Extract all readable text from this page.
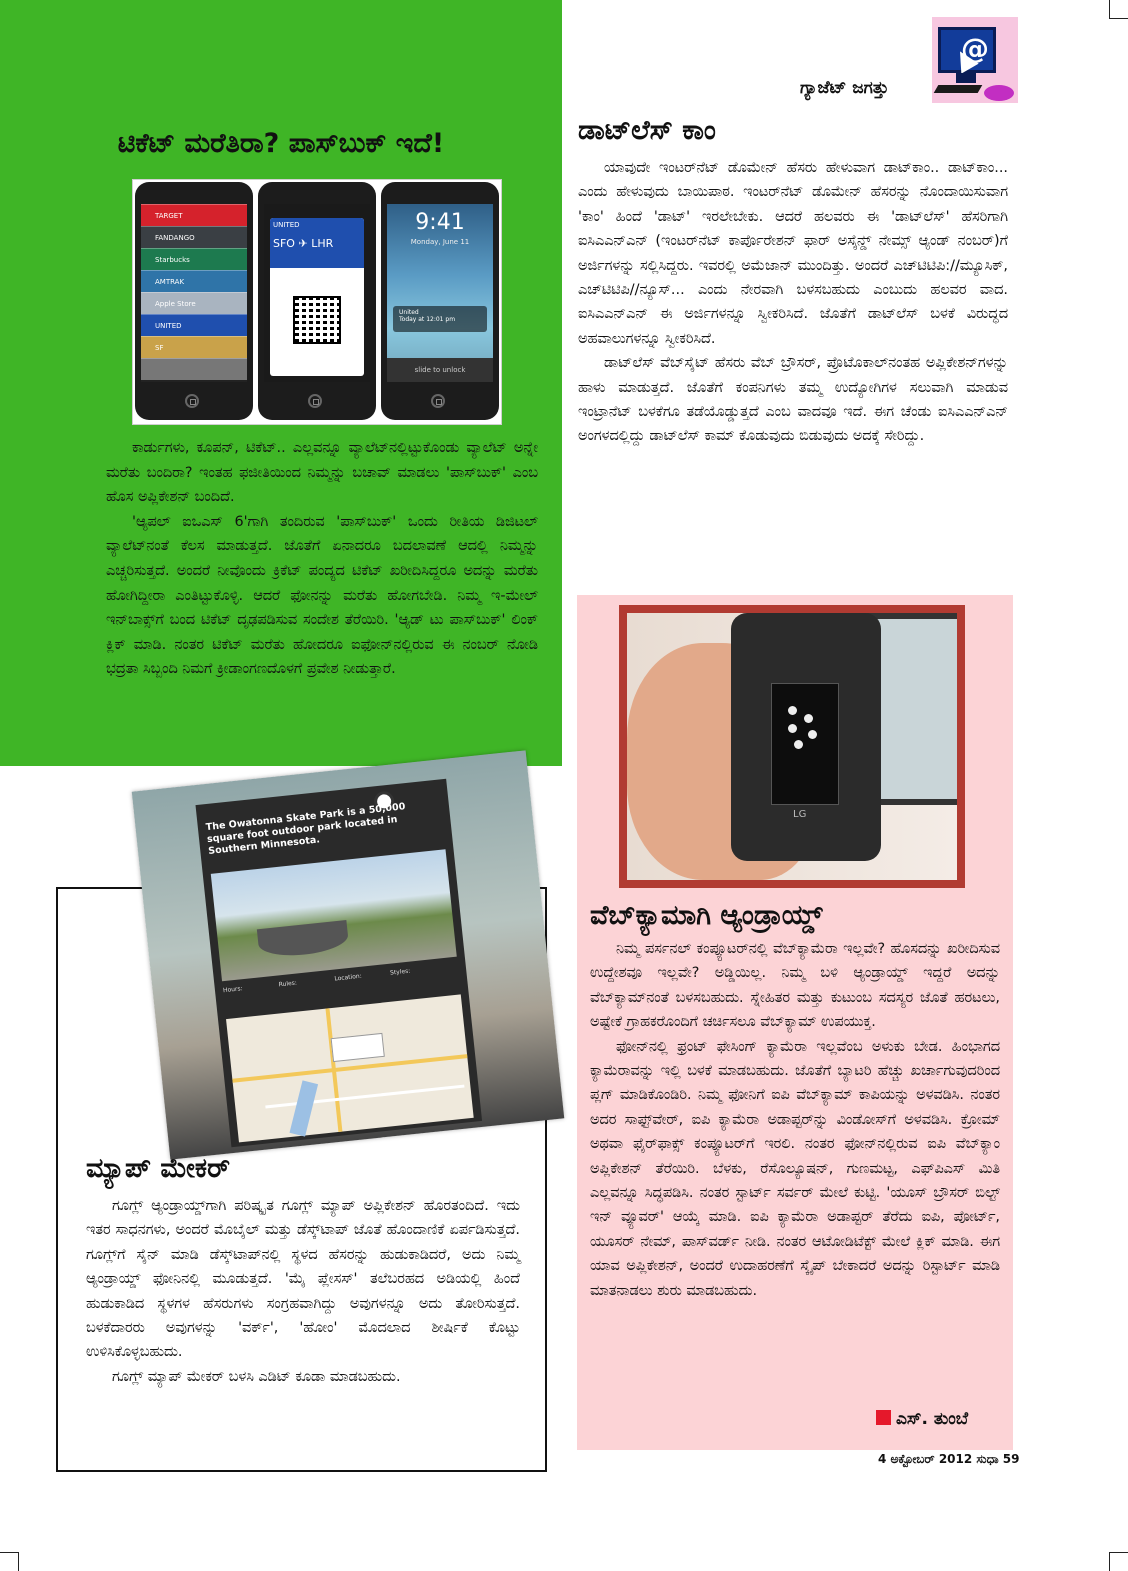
ಟಿಕೆಟ್ ಮರೆತಿರಾ? ಪಾಸ್‌ಬುಕ್ ಇದೆ!
TARGET
FANDANGO
Starbucks
AMTRAK
Apple Store
UNITED
SF
UNITED
SFO ✈ LHR
9:41
Monday, June 11
United
Today at 12:01 pm
slide to unlock

ಕಾರ್ಡುಗಳು, ಕೂಪನ್, ಟಿಕೆಟ್.. ಎಲ್ಲವನ್ನೂ ವ್ಯಾಲೆಟ್‌ನಲ್ಲಿಟ್ಟುಕೊಂಡು ವ್ಯಾಲೆಟ್ ಅನ್ನೇ ಮರೆತು ಬಂದಿರಾ? ಇಂತಹ ಫಜೀತಿಯಿಂದ ನಿಮ್ಮನ್ನು ಬಚಾವ್ ಮಾಡಲು 'ಪಾಸ್‌ಬುಕ್' ಎಂಬ ಹೊಸ ಅಪ್ಲಿಕೇಶನ್ ಬಂದಿದೆ.

'ಆ್ಯಪಲ್ ಐಒಎಸ್ 6'ಗಾಗಿ ತಂದಿರುವ 'ಪಾಸ್‌ಬುಕ್' ಒಂದು ರೀತಿಯ ಡಿಜಿಟಲ್ ವ್ಯಾಲೆಟ್‌ನಂತೆ ಕೆಲಸ ಮಾಡುತ್ತದೆ. ಜೊತೆಗೆ ಏನಾದರೂ ಬದಲಾವಣೆ ಆದಲ್ಲಿ ನಿಮ್ಮನ್ನು ಎಚ್ಚರಿಸುತ್ತದೆ. ಅಂದರೆ ನೀವೊಂದು ಕ್ರಿಕೆಟ್ ಪಂದ್ಯದ ಟಿಕೆಟ್ ಖರೀದಿಸಿದ್ದರೂ ಅದನ್ನು ಮರೆತು ಹೋಗಿದ್ದೀರಾ ಎಂತಿಟ್ಟುಕೊಳ್ಳಿ. ಆದರೆ ಫೋನನ್ನು ಮರೆತು ಹೋಗಬೇಡಿ. ನಿಮ್ಮ ಇ-ಮೇಲ್ ಇನ್‌ಬಾಕ್ಸ್‌ಗೆ ಬಂದ ಟಿಕೆಟ್ ದೃಢಪಡಿಸುವ ಸಂದೇಶ ತೆರೆಯಿರಿ. 'ಆ್ಯಡ್ ಟು ಪಾಸ್‌ಬುಕ್' ಲಿಂಕ್ ಕ್ಲಿಕ್ ಮಾಡಿ. ನಂತರ ಟಿಕೆಟ್ ಮರೆತು ಹೋದರೂ ಐಫೋನ್‌ನಲ್ಲಿರುವ ಈ ನಂಬರ್ ನೋಡಿ ಭದ್ರತಾ ಸಿಬ್ಬಂದಿ ನಿಮಗೆ ಕ್ರೀಡಾಂಗಣದೊಳಗೆ ಪ್ರವೇಶ ನೀಡುತ್ತಾರೆ.

@
ಗ್ಯಾಜೆಟ್ ಜಗತ್ತು
ಡಾಟ್‌ಲೆಸ್ ಕಾಂ

ಯಾವುದೇ ಇಂಟರ್‌ನೆಟ್ ಡೊಮೇನ್ ಹೆಸರು ಹೇಳುವಾಗ ಡಾಟ್‌ಕಾಂ.. ಡಾಟ್‌ಕಾಂ... ಎಂದು ಹೇಳುವುದು ಬಾಯಿಪಾಠ. ಇಂಟರ್‌ನೆಟ್ ಡೊಮೇನ್ ಹೆಸರನ್ನು ನೊಂದಾಯಿಸುವಾಗ 'ಕಾಂ' ಹಿಂದೆ 'ಡಾಟ್' ಇರಲೇಬೇಕು. ಆದರೆ ಹಲವರು ಈ 'ಡಾಟ್‌ಲೆಸ್' ಹೆಸರಿಗಾಗಿ ಐಸಿಎಎನ್‌ಎನ್ (ಇಂಟರ್‌ನೆಟ್ ಕಾರ್ಪೊರೇಶನ್ ಫಾರ್ ಅಸೈನ್ಡ್ ನೇಮ್ಸ್ ಆ್ಯಂಡ್ ನಂಬರ್)ಗೆ ಅರ್ಜಿಗಳನ್ನು ಸಲ್ಲಿಸಿದ್ದರು. ಇವರಲ್ಲಿ ಅಮೆಜಾನ್ ಮುಂದಿತ್ತು. ಅಂದರೆ ಎಚ್‌ಟಿಟಿಪಿ://ಮ್ಯೂಸಿಕ್, ಎಚ್‌ಟಿಟಿಪಿ//ನ್ಯೂಸ್... ಎಂದು ನೇರವಾಗಿ ಬಳಸಬಹುದು ಎಂಬುದು ಹಲವರ ವಾದ. ಐಸಿಎಎನ್‌ಎನ್ ಈ ಅರ್ಜಿಗಳನ್ನೂ ಸ್ವೀಕರಿಸಿದೆ. ಜೊತೆಗೆ ಡಾಟ್‌ಲೆಸ್ ಬಳಕೆ ವಿರುದ್ಧದ ಅಹವಾಲುಗಳನ್ನೂ ಸ್ವೀಕರಿಸಿದೆ.

ಡಾಟ್‌ಲೆಸ್ ವೆಬ್‌ಸೈಟ್ ಹೆಸರು ವೆಬ್ ಬ್ರೌಸರ್, ಪ್ರೊಟೊಕಾಲ್‌ನಂತಹ ಅಪ್ಲಿಕೇಶನ್‌ಗಳನ್ನು ಹಾಳು ಮಾಡುತ್ತದೆ. ಜೊತೆಗೆ ಕಂಪನಿಗಳು ತಮ್ಮ ಉದ್ಯೋಗಿಗಳ ಸಲುವಾಗಿ ಮಾಡುವ ಇಂಟ್ರಾನೆಟ್ ಬಳಕೆಗೂ ತಡೆಯೊಡ್ಡುತ್ತದೆ ಎಂಬ ವಾದವೂ ಇದೆ. ಈಗ ಚೆಂಡು ಐಸಿಎಎನ್‌ಎನ್ ಅಂಗಳದಲ್ಲಿದ್ದು ಡಾಟ್‌ಲೆಸ್ ಕಾಮ್ ಕೊಡುವುದು ಬಿಡುವುದು ಅದಕ್ಕೆ ಸೇರಿದ್ದು.

LG
ವೆಬ್‌ಕ್ಯಾಮಾಗಿ ಆ್ಯಂಡ್ರಾಯ್ಡ್

ನಿಮ್ಮ ಪರ್ಸನಲ್ ಕಂಪ್ಯೂಟರ್‌ನಲ್ಲಿ ವೆಬ್‌ಕ್ಯಾಮೆರಾ ಇಲ್ಲವೇ? ಹೊಸದನ್ನು ಖರೀದಿಸುವ ಉದ್ದೇಶವೂ ಇಲ್ಲವೇ? ಅಡ್ಡಿಯಿಲ್ಲ. ನಿಮ್ಮ ಬಳಿ ಆ್ಯಂಡ್ರಾಯ್ಡ್ ಇದ್ದರೆ ಅದನ್ನು ವೆಬ್‌ಕ್ಯಾಮ್‌ನಂತೆ ಬಳಸಬಹುದು. ಸ್ನೇಹಿತರ ಮತ್ತು ಕುಟುಂಬ ಸದಸ್ಯರ ಜೊತೆ ಹರಟಲು, ಅಷ್ಟೇಕೆ ಗ್ರಾಹಕರೊಂದಿಗೆ ಚರ್ಚಿಸಲೂ ವೆಬ್‌ಕ್ಯಾಮ್ ಉಪಯುಕ್ತ.

ಫೋನ್‌ನಲ್ಲಿ ಫ್ರಂಟ್ ಫೇಸಿಂಗ್ ಕ್ಯಾಮೆರಾ ಇಲ್ಲವೆಂಬ ಅಳುಕು ಬೇಡ. ಹಿಂಭಾಗದ ಕ್ಯಾಮೆರಾವನ್ನು ಇಲ್ಲಿ ಬಳಕೆ ಮಾಡಬಹುದು. ಜೊತೆಗೆ ಬ್ಯಾಟರಿ ಹೆಚ್ಚು ಖರ್ಚಾಗುವುದರಿಂದ ಪ್ಲಗ್ ಮಾಡಿಕೊಂಡಿರಿ. ನಿಮ್ಮ ಫೋನಿಗೆ ಐಪಿ ವೆಬ್‌ಕ್ಯಾಮ್ ಕಾಪಿಯನ್ನು ಅಳವಡಿಸಿ. ನಂತರ ಅದರ ಸಾಫ್ಟ್‌ವೇರ್, ಐಪಿ ಕ್ಯಾಮೆರಾ ಅಡಾಪ್ಟರ್‌ನ್ನು ವಿಂಡೋಸ್‌ಗೆ ಅಳವಡಿಸಿ. ಕ್ರೋಮ್ ಅಥವಾ ಫೈರ್‌ಫಾಕ್ಸ್ ಕಂಪ್ಯೂಟರ್‌ಗೆ ಇರಲಿ. ನಂತರ ಫೋನ್‌ನಲ್ಲಿರುವ ಐಪಿ ವೆಬ್‌ಕ್ಯಾಂ ಅಪ್ಲಿಕೇಶನ್ ತೆರೆಯಿರಿ. ಬೆಳಕು, ರೆಸೊಲ್ಯೂಷನ್, ಗುಣಮಟ್ಟ, ಎಫ್‌ಪಿಎಸ್ ಮಿತಿ ಎಲ್ಲವನ್ನೂ ಸಿದ್ಧಪಡಿಸಿ. ನಂತರ ಸ್ಟಾರ್ಟ್ ಸರ್ವರ್ ಮೇಲೆ ಕುಟ್ಟಿ. 'ಯೂಸ್ ಬ್ರೌಸರ್ ಬಿಲ್ಟ್ ಇನ್ ವ್ಯೂವರ್' ಆಯ್ಕೆ ಮಾಡಿ. ಐಪಿ ಕ್ಯಾಮೆರಾ ಅಡಾಪ್ಟರ್ ತೆರೆದು ಐಪಿ, ಪೋರ್ಟ್, ಯೂಸರ್ ನೇಮ್, ಪಾಸ್‌ವರ್ಡ್ ನೀಡಿ. ನಂತರ ಆಟೋಡಿಟೆಕ್ಟ್ ಮೇಲೆ ಕ್ಲಿಕ್ ಮಾಡಿ. ಈಗ ಯಾವ ಅಪ್ಲಿಕೇಶನ್, ಅಂದರೆ ಉದಾಹರಣೆಗೆ ಸ್ಕೈಪ್ ಬೇಕಾದರೆ ಅದನ್ನು ರಿಸ್ಟಾರ್ಟ್ ಮಾಡಿ ಮಾತನಾಡಲು ಶುರು ಮಾಡಬಹುದು.

ಎಸ್. ತುಂಬೆ
The Owatonna Skate Park is a 50,000 square foot outdoor park located in Southern Minnesota.
Hours:Rules:Location:Styles:
ಮ್ಯಾಪ್ ಮೇಕರ್

ಗೂಗ್ಲ್ ಆ್ಯಂಡ್ರಾಯ್ಡ್‌ಗಾಗಿ ಪರಿಷ್ಕೃತ ಗೂಗ್ಲ್ ಮ್ಯಾಪ್ ಅಪ್ಲಿಕೇಶನ್ ಹೊರತಂದಿದೆ. ಇದು ಇತರ ಸಾಧನಗಳು, ಅಂದರೆ ಮೊಬೈಲ್ ಮತ್ತು ಡೆಸ್ಕ್‌ಟಾಪ್ ಜೊತೆ ಹೊಂದಾಣಿಕೆ ಏರ್ಪಡಿಸುತ್ತದೆ. ಗೂಗ್ಲ್‌ಗೆ ಸೈನ್ ಮಾಡಿ ಡೆಸ್ಕ್‌ಟಾಪ್‌ನಲ್ಲಿ ಸ್ಥಳದ ಹೆಸರನ್ನು ಹುಡುಕಾಡಿದರೆ, ಅದು ನಿಮ್ಮ ಆ್ಯಂಡ್ರಾಯ್ಡ್ ಫೋನಿನಲ್ಲಿ ಮೂಡುತ್ತದೆ. 'ಮೈ ಪ್ಲೇಸಸ್' ತಲೆಬರಹದ ಅಡಿಯಲ್ಲಿ ಹಿಂದೆ ಹುಡುಕಾಡಿದ ಸ್ಥಳಗಳ ಹೆಸರುಗಳು ಸಂಗ್ರಹವಾಗಿದ್ದು ಅವುಗಳನ್ನೂ ಅದು ತೋರಿಸುತ್ತದೆ. ಬಳಕೆದಾರರು ಅವುಗಳನ್ನು 'ವರ್ಕ್', 'ಹೋಂ' ಮೊದಲಾದ ಶೀರ್ಷಿಕೆ ಕೊಟ್ಟು ಉಳಿಸಿಕೊಳ್ಳಬಹುದು.

ಗೂಗ್ಲ್ ಮ್ಯಾಪ್ ಮೇಕರ್ ಬಳಸಿ ಎಡಿಟ್ ಕೂಡಾ ಮಾಡಬಹುದು.

4 ಅಕ್ಟೋಬರ್ 2012 ಸುಧಾ 59
